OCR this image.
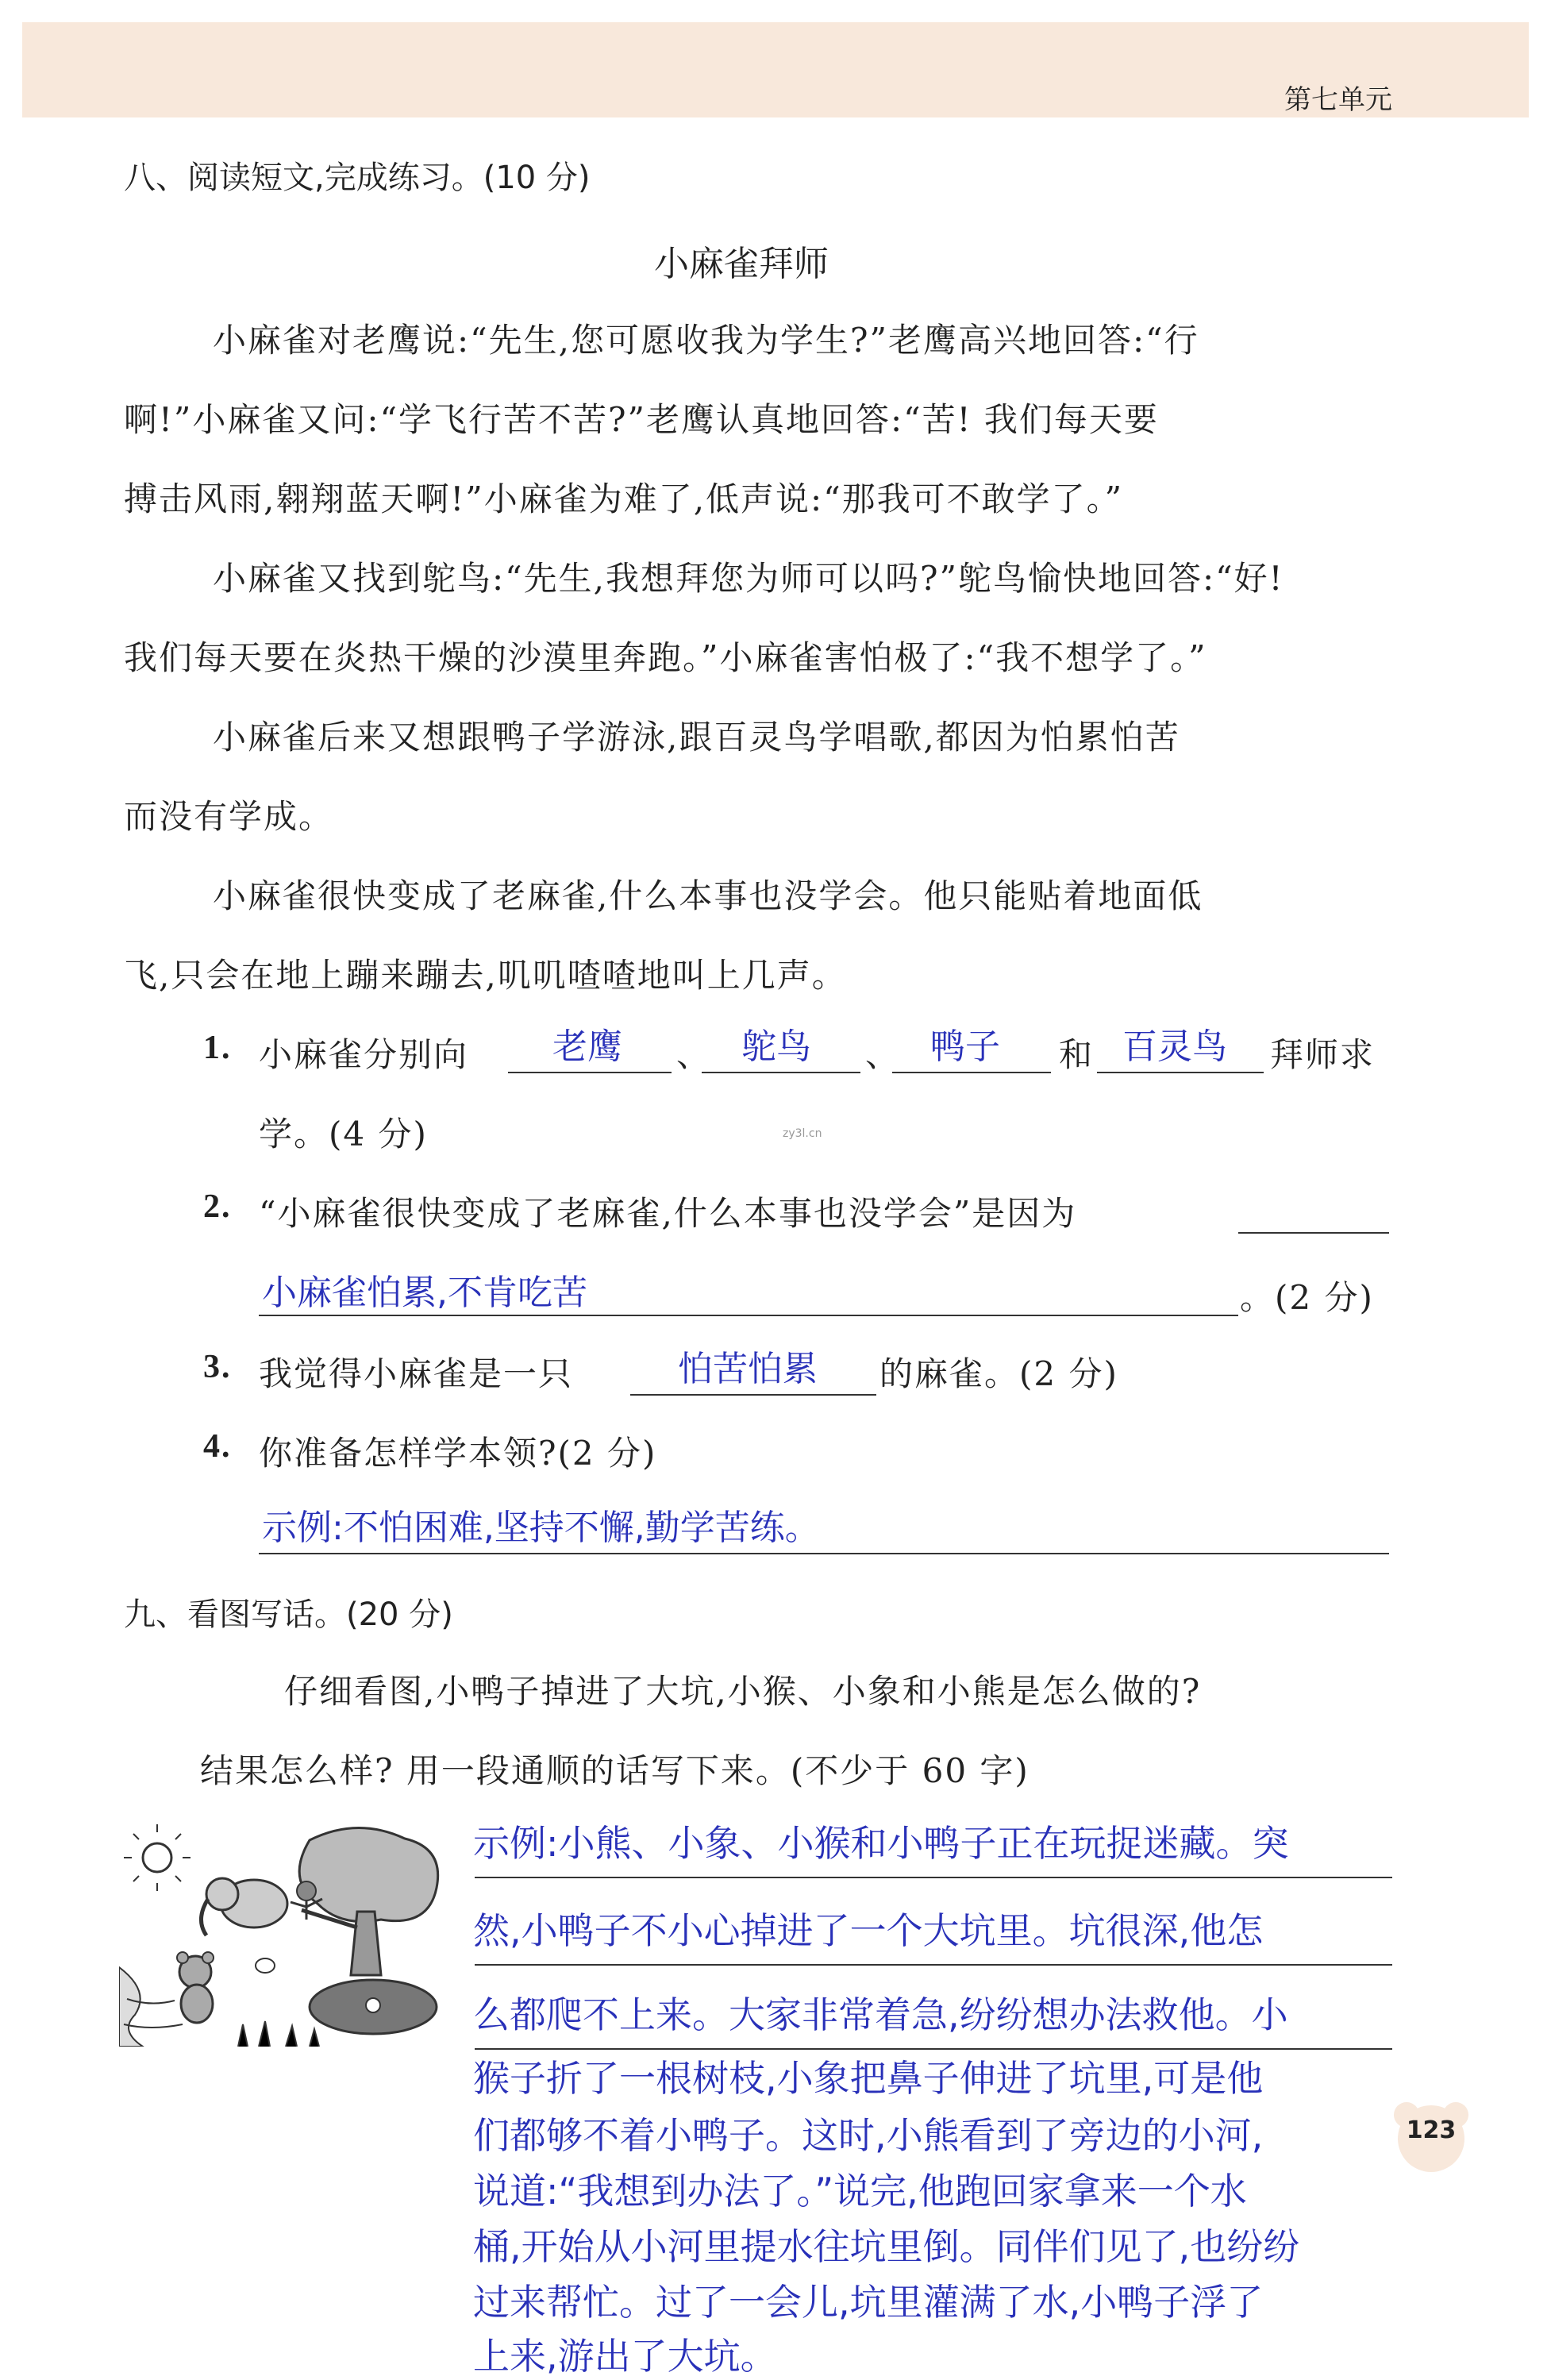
第七单元
八、阅读短文,完成练习。(10 分)
小麻雀拜师
小麻雀对老鹰说:“先生,您可愿收我为学生?”老鹰高兴地回答:“行
啊!”小麻雀又问:“学飞行苦不苦?”老鹰认真地回答:“苦! 我们每天要
搏击风雨,翱翔蓝天啊!”小麻雀为难了,低声说:“那我可不敢学了。”
小麻雀又找到鸵鸟:“先生,我想拜您为师可以吗?”鸵鸟愉快地回答:“好!
我们每天要在炎热干燥的沙漠里奔跑。”小麻雀害怕极了:“我不想学了。”
小麻雀后来又想跟鸭子学游泳,跟百灵鸟学唱歌,都因为怕累怕苦
而没有学成。
小麻雀很快变成了老麻雀,什么本事也没学会。他只能贴着地面低
飞,只会在地上蹦来蹦去,叽叽喳喳地叫上几声。
1. 小麻雀分别向 老鹰 、 鸵鸟 、 鸭子 和 百灵鸟 拜师求
学。(4 分)	zy3l.cn
2. “小麻雀很快变成了老麻雀,什么本事也没学会”是因为
小麻雀怕累,不肯吃苦	。(2 分)
3. 我觉得小麻雀是一只	怕苦怕累 的麻雀。(2 分)
4. 你准备怎样学本领?(2 分)
示例:不怕困难,坚持不懈,勤学苦练。
九、看图写话。(20 分)
仔细看图,小鸭子掉进了大坑,小猴、小象和小熊是怎么做的?
结果怎么样? 用一段通顺的话写下来。(不少于 60 字)
示例:小熊、小象、小猴和小鸭子正在玩捉迷藏。突
然,小鸭子不小心掉进了一个大坑里。坑很深,他怎
么都爬不上来。大家非常着急,纷纷想办法救他。小
猴子折了一根树枝,小象把鼻子伸进了坑里,可是他
们都够不着小鸭子。这时,小熊看到了旁边的小河,
说道:“我想到办法了。”说完,他跑回家拿来一个水
桶,开始从小河里提水往坑里倒。同伴们见了,也纷纷
过来帮忙。过了一会儿,坑里灌满了水,小鸭子浮了
上来,游出了大坑。
123
